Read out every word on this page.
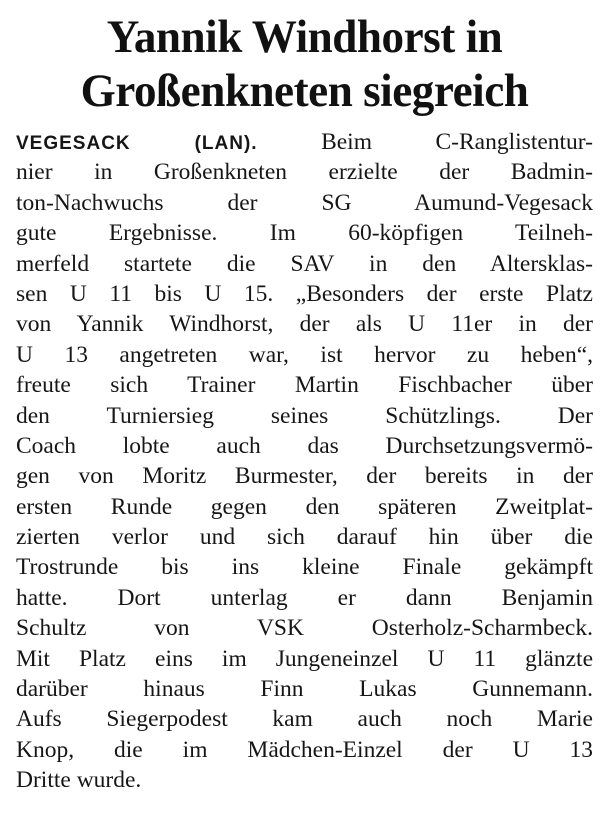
Yannik Windhorst in
Großenkneten siegreich
VEGESACK (LAN). Beim C-Ranglistentur-
nier in Großenkneten erzielte der Badmin-
ton-Nachwuchs der SG Aumund-Vegesack
gute Ergebnisse. Im 60-köpfigen Teilneh-
merfeld startete die SAV in den Altersklas-
sen U 11 bis U 15. „Besonders der erste Platz
von Yannik Windhorst, der als U 11er in der
U 13 angetreten war, ist hervor zu heben“,
freute sich Trainer Martin Fischbacher über
den Turniersieg seines Schützlings. Der
Coach lobte auch das Durchsetzungsvermö-
gen von Moritz Burmester, der bereits in der
ersten Runde gegen den späteren Zweitplat-
zierten verlor und sich darauf hin über die
Trostrunde bis ins kleine Finale gekämpft
hatte. Dort unterlag er dann Benjamin
Schultz von VSK Osterholz-Scharmbeck.
Mit Platz eins im Jungeneinzel U 11 glänzte
darüber hinaus Finn Lukas Gunnemann.
Aufs Siegerpodest kam auch noch Marie
Knop, die im Mädchen-Einzel der U 13
Dritte wurde.
